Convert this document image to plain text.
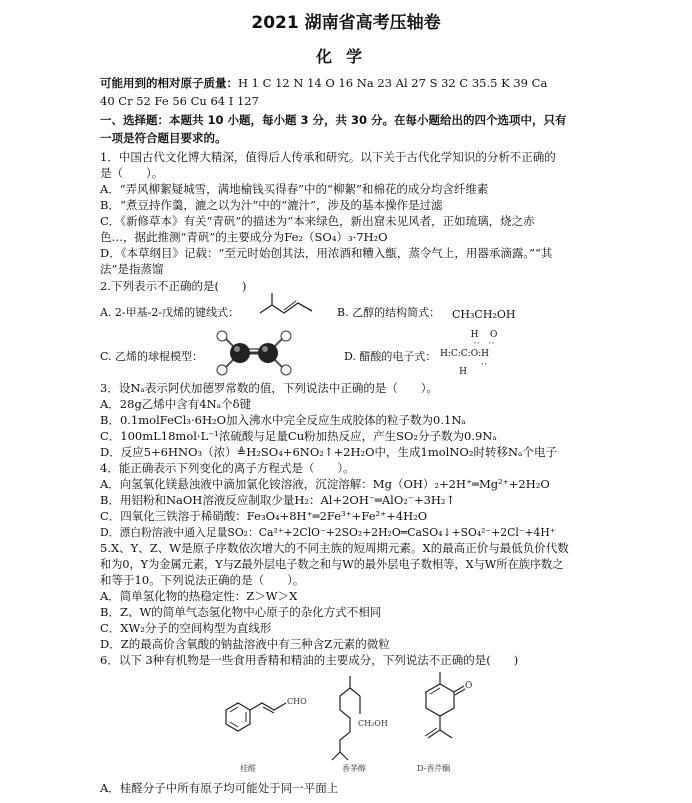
2021 湖南省高考压轴卷
化学
可能用到的相对原子质量：H 1 C 12 N 14 O 16 Na 23 Al 27 S 32 C 35.5 K 39 Ca
40 Cr 52 Fe 56 Cu 64 I 127
一、选择题：本题共 10 小题，每小题 3 分，共 30 分。在每小题给出的四个选项中，只有
一项是符合题目要求的。
1．中国古代文化博大精深，值得后人传承和研究。以下关于古代化学知识的分析不正确的
是（　　）。
A．“弄风柳絮疑城雪，满地榆钱买得春”中的“柳絮”和棉花的成分均含纤维素
B．“煮豆持作羹，漉之以为汁”中的“漉汁”，涉及的基本操作是过滤
C．《新修草本》有关“青矾”的描述为“本来绿色，新出窟未见风者，正如琉璃，烧之赤
色…，据此推测“青矾”的主要成分为Fe₂（SO₄）₃·7H₂O
D．《本草纲目》记载：“至元时始创其法，用浓酒和糟入甑，蒸令气上，用器承滴露。”“其
法”是指蒸馏
2.下列表示不正确的是(　　)
A. 2-甲基-2-戊烯的键线式：	B. 乙醇的结构简式： CH₃CH₂OH
C. 乙烯的球棍模型：	D. 醋酸的电子式：
H    O
⋅⋅   ⋅⋅
H:C:C:O:H
⋅⋅
H
3．设Nₐ表示阿伏加德罗常数的值，下列说法中正确的是（　　）。
A．28g乙烯中含有4Nₐ个δ键
B．0.1molFeCl₃·6H₂O加入沸水中完全反应生成胶体的粒子数为0.1Nₐ
C．100mL18mol·L⁻¹浓硫酸与足量Cu粉加热反应，产生SO₂分子数为0.9Nₐ
D．反应5+6HNO₃（浓）≜H₂SO₄+6NO₂↑+2H₂O中，生成1molNO₂时转移Nₐ个电子
4．能正确表示下列变化的离子方程式是（　　）。
A．向氢氧化镁悬浊液中滴加氯化铵溶液，沉淀溶解：Mg（OH）₂+2H⁺═Mg²⁺+2H₂O
B．用铝粉和NaOH溶液反应制取少量H₂：Al+2OH⁻═AlO₂⁻+3H₂↑
C．四氧化三铁溶于稀硝酸：Fe₃O₄+8H⁺═2Fe³⁺+Fe²⁺+4H₂O
D．漂白粉溶液中通入足量SO₂：Ca²⁺+2ClO⁻+2SO₂+2H₂O═CaSO₄↓+SO₄²⁻+2Cl⁻+4H⁺
5.X、Y、Z、W是原子序数依次增大的不同主族的短周期元素。X的最高正价与最低负价代数
和为0，Y为金属元素，Y与Z最外层电子数之和与W的最外层电子数相等，X与W所在族序数之
和等于10。下列说法正确的是（　　）。
A．简单氢化物的热稳定性：Z＞W＞X
B．Z、W的简单气态氢化物中心原子的杂化方式不相同
C．XW₂分子的空间构型为直线形
D．Z的最高价含氧酸的钠盐溶液中有三种含Z元素的微粒
6．以下 3种有机物是一些食用香精和精油的主要成分，下列说法不正确的是(　　)
CHO
桂醛
CH₂OH
香茅醇
O
D-香芹酮
A．桂醛分子中所有原子均可能处于同一平面上
